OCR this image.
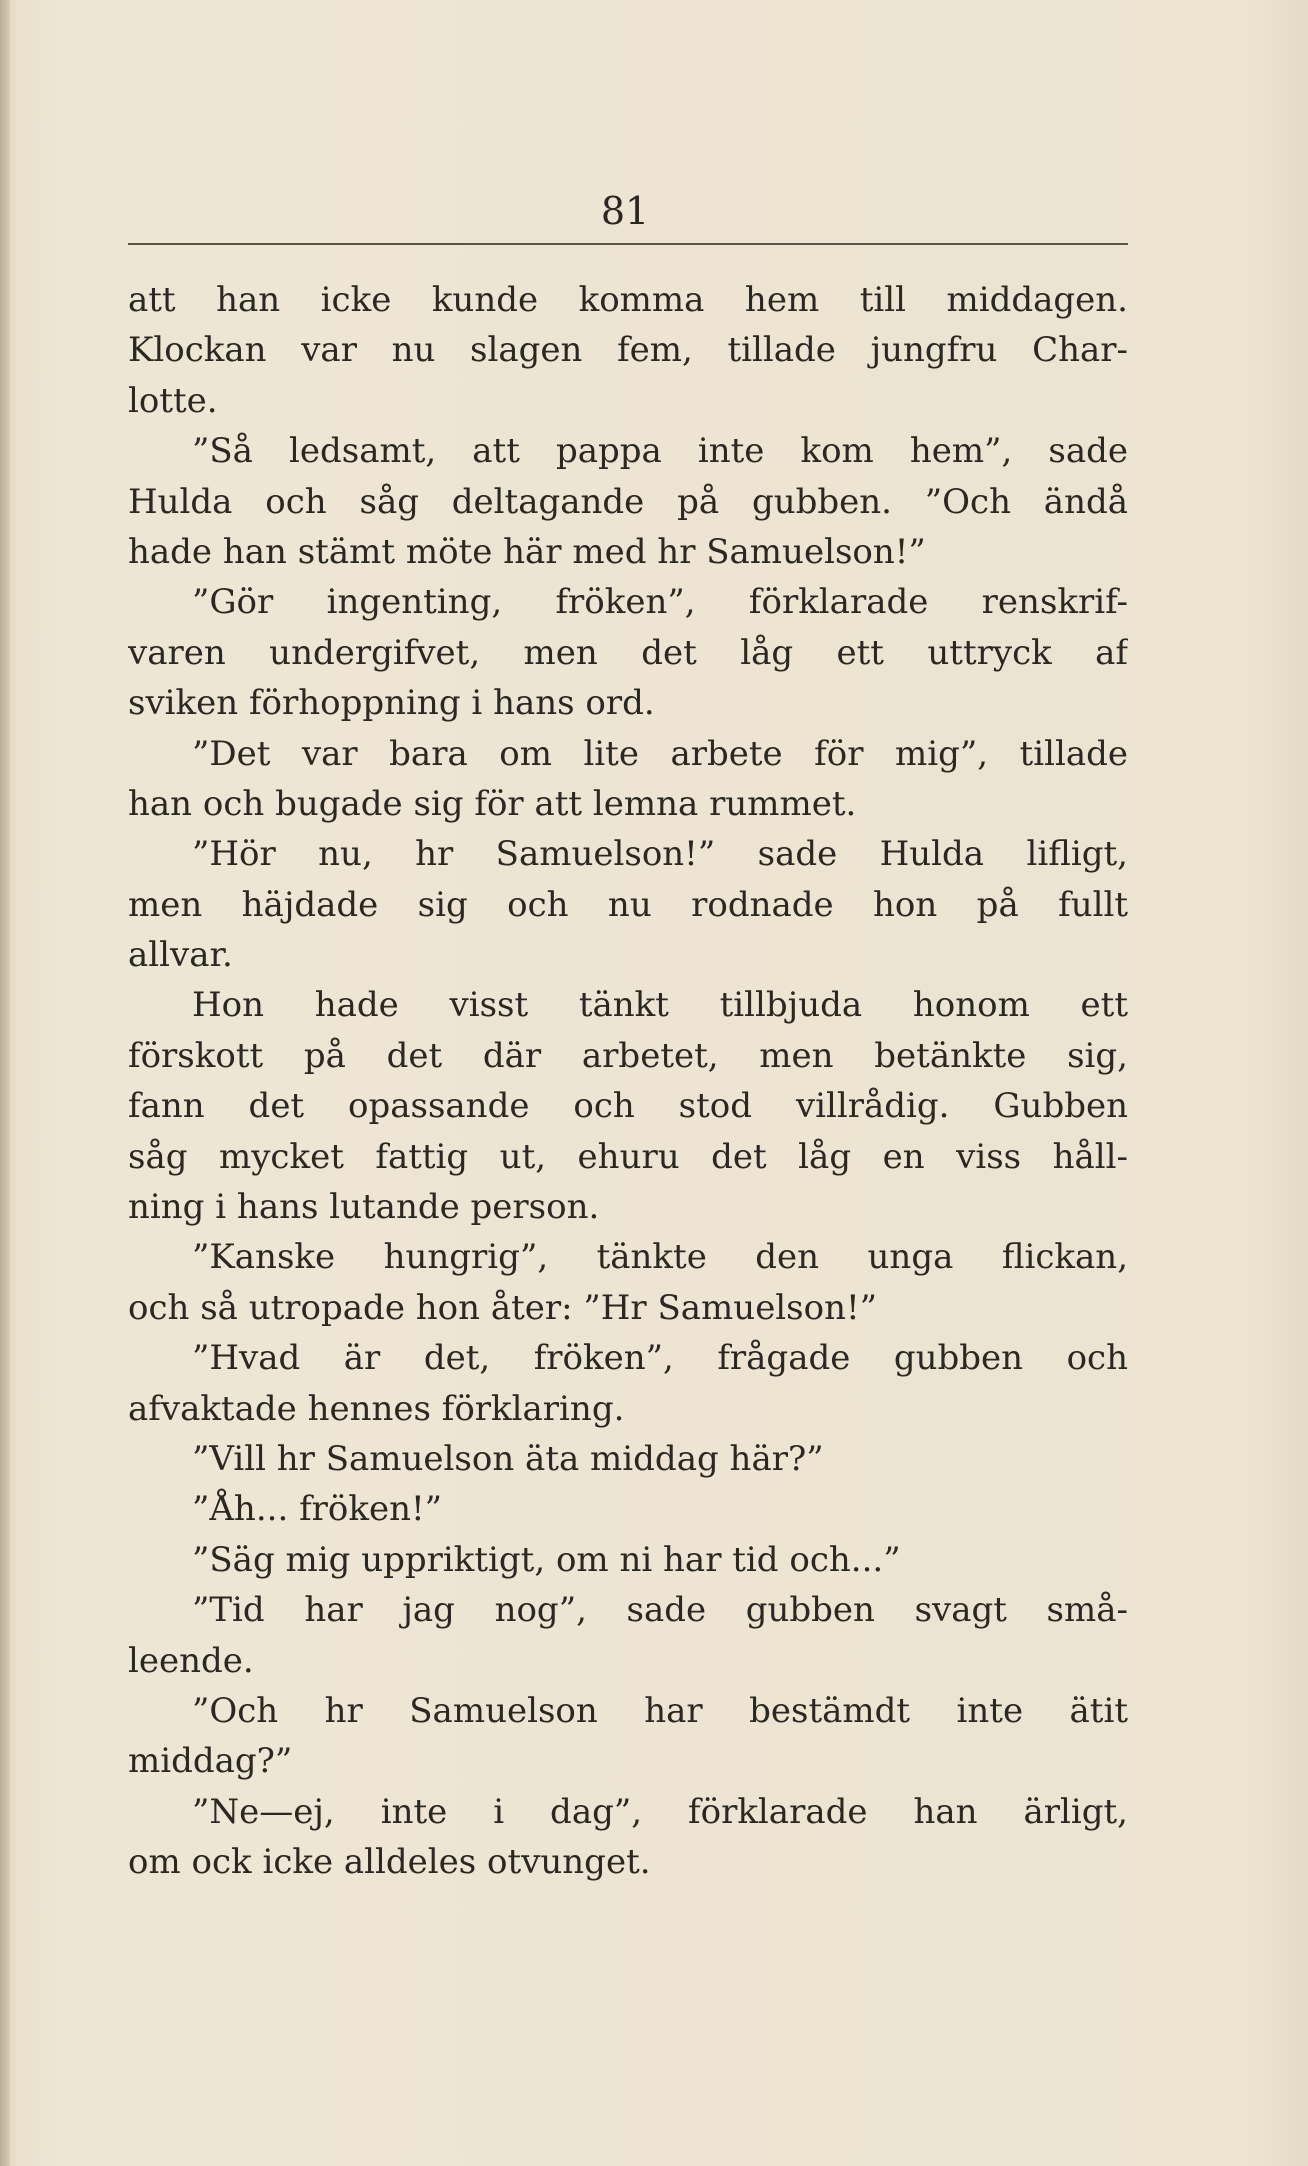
81
att han icke kunde komma hem till middagen.
Klockan var nu slagen fem, tillade jungfru Char-
lotte.
”Så ledsamt, att pappa inte kom hem”, sade
Hulda och såg deltagande på gubben. ”Och ändå
hade han stämt möte här med hr Samuelson!”
”Gör ingenting, fröken”, förklarade renskrif-
varen undergifvet, men det låg ett uttryck af
sviken förhoppning i hans ord.
”Det var bara om lite arbete för mig”, tillade
han och bugade sig för att lemna rummet.
”Hör nu, hr Samuelson!” sade Hulda lifligt,
men häjdade sig och nu rodnade hon på fullt
allvar.
Hon hade visst tänkt tillbjuda honom ett
förskott på det där arbetet, men betänkte sig,
fann det opassande och stod villrådig. Gubben
såg mycket fattig ut, ehuru det låg en viss håll-
ning i hans lutande person.
”Kanske hungrig”, tänkte den unga flickan,
och så utropade hon åter: ”Hr Samuelson!”
”Hvad är det, fröken”, frågade gubben och
afvaktade hennes förklaring.
”Vill hr Samuelson äta middag här?”
”Åh... fröken!”
”Säg mig uppriktigt, om ni har tid och...”
”Tid har jag nog”, sade gubben svagt små-
leende.
”Och hr Samuelson har bestämdt inte ätit
middag?”
”Ne—ej, inte i dag”, förklarade han ärligt,
om ock icke alldeles otvunget.
